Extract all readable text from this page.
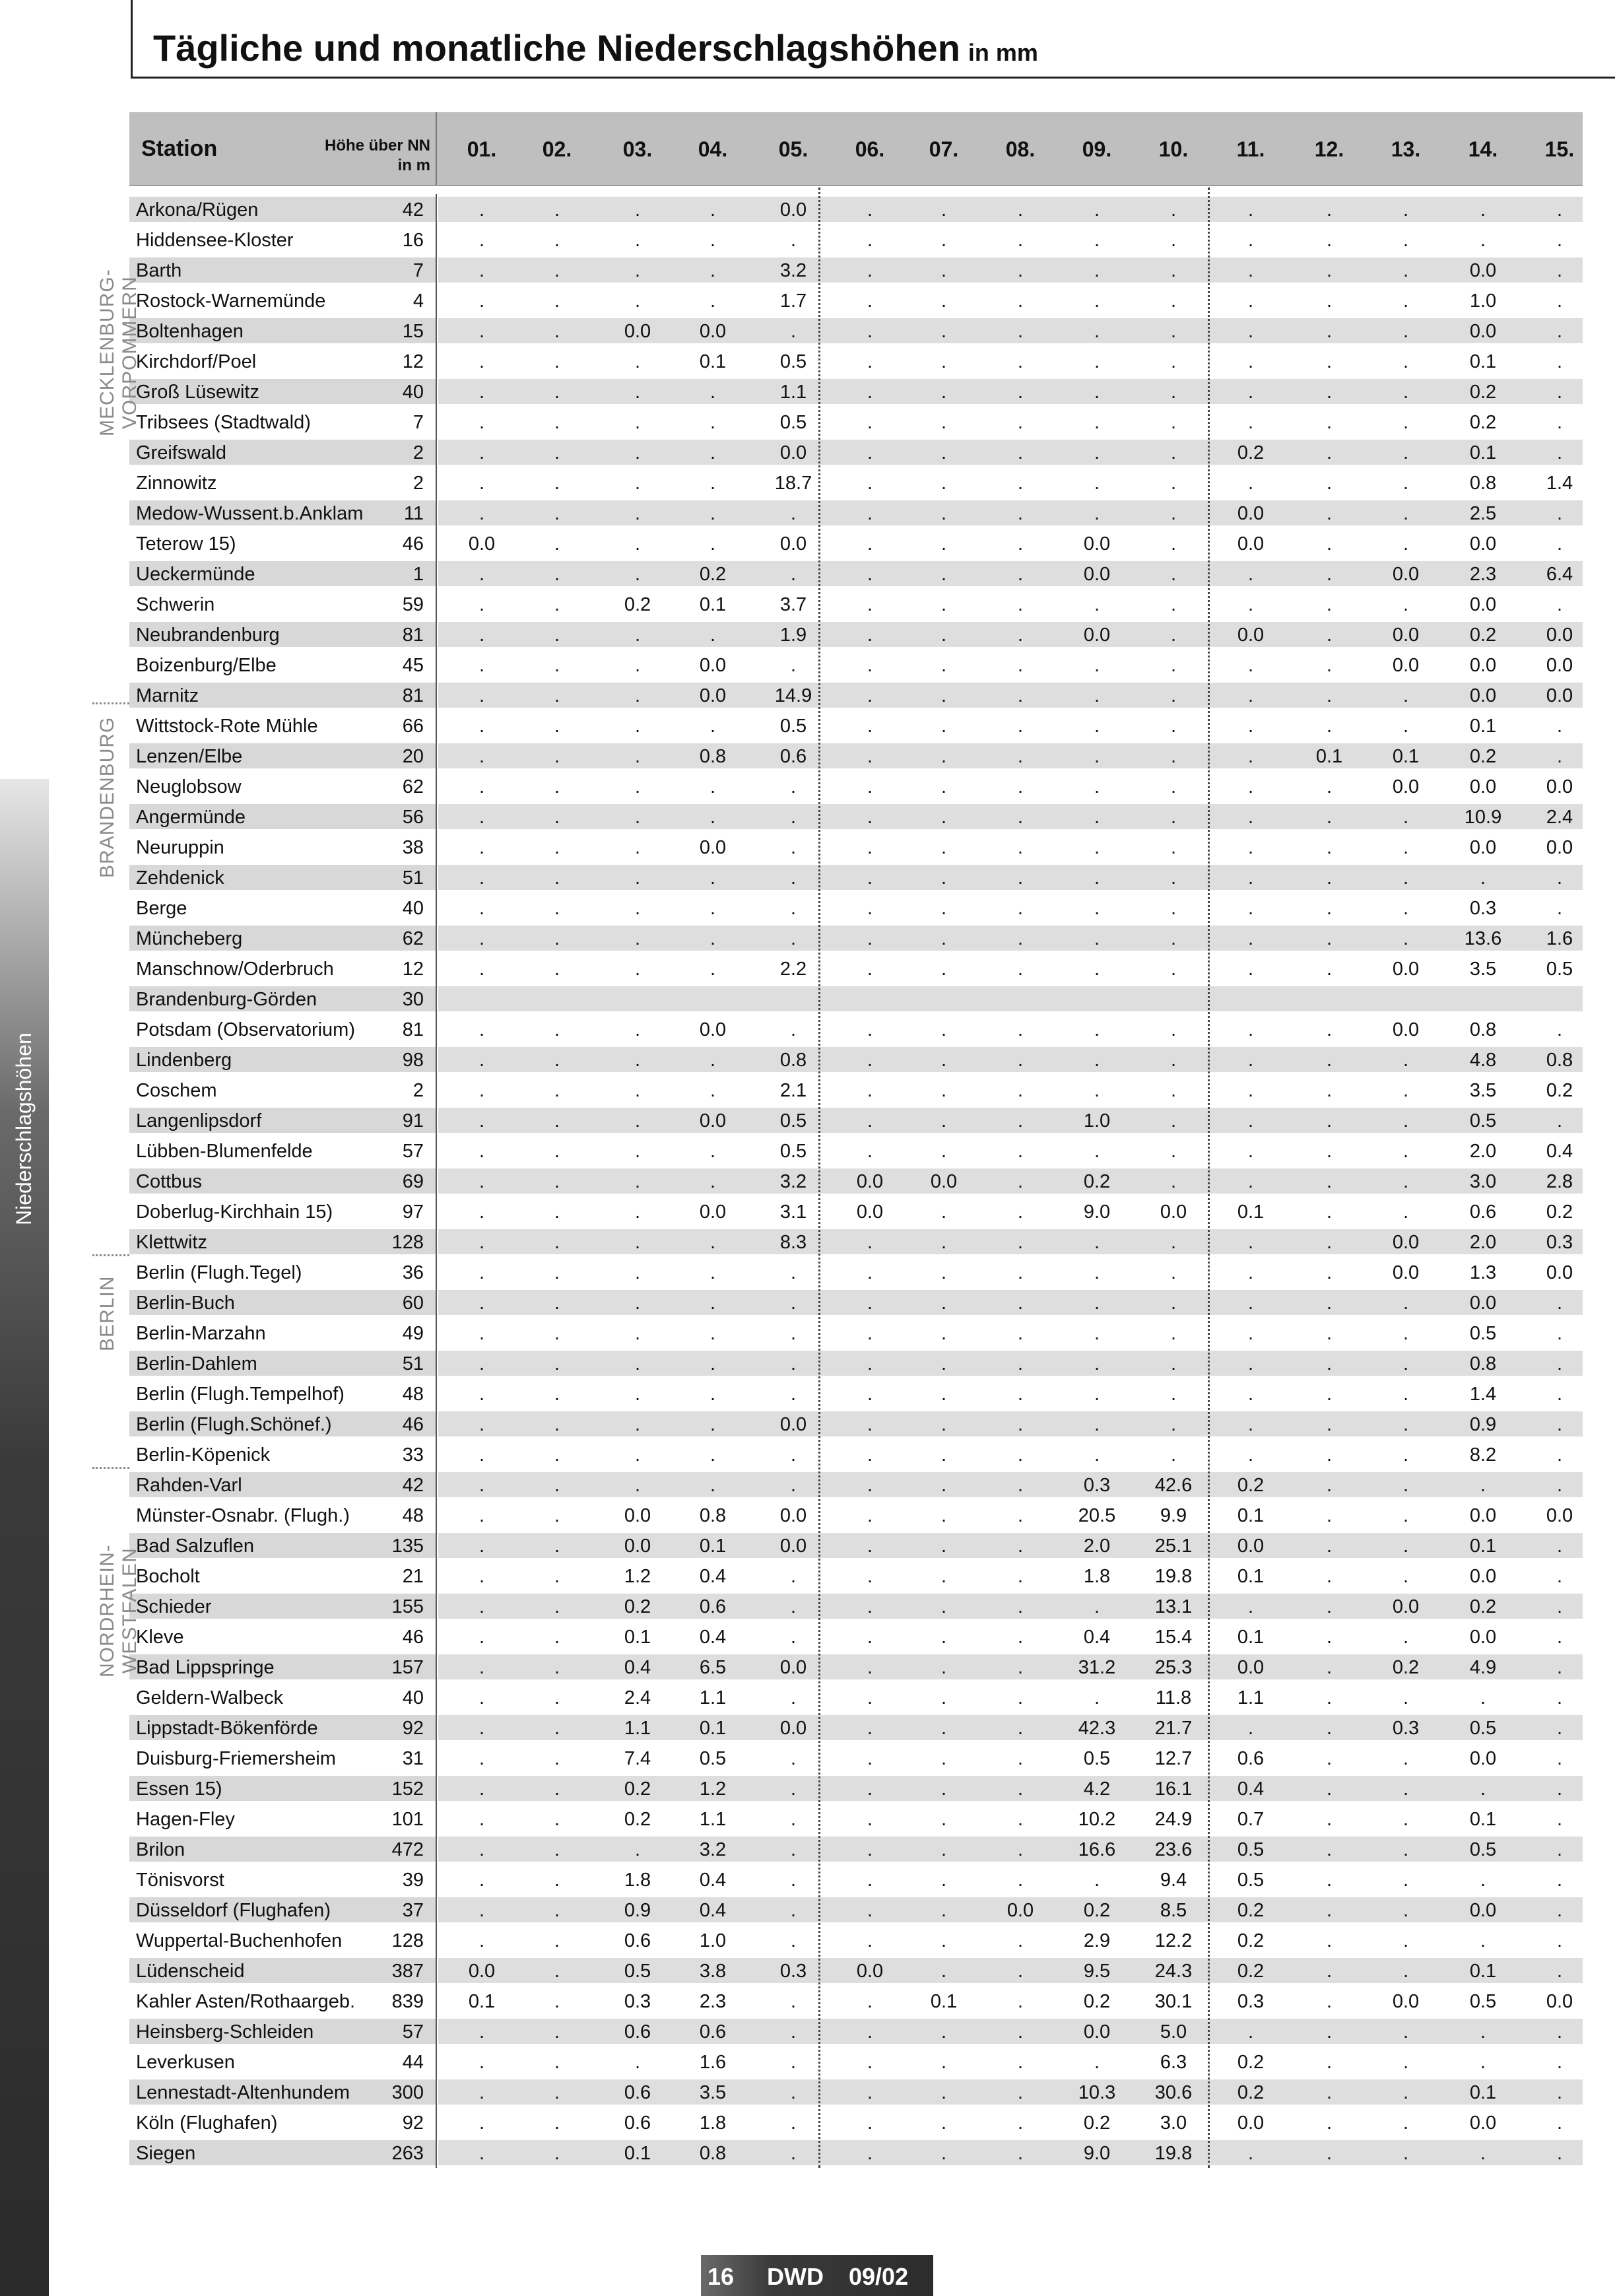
Niederschlagshöhen
Tägliche und monatliche Niederschlagshöhen in mm
Station	Höhe über NN
in m
01.	02.	03.	04.	05.	06.	07.	08.	09.	10.	11.	12.	13.	14.	15.
Arkona/Rügen	42	.	.	.	.	0.0	.	.	.	.	.	.	.	.	.	.
Hiddensee-Kloster	16	.	.	.	.	.	.	.	.	.	.	.	.	.	.	.
Barth	7	.	.	.	.	3.2	.	.	.	.	.	.	.	.	0.0	.
Rostock-Warnemünde	4	.	.	.	.	1.7	.	.	.	.	.	.	.	.	1.0	.
Boltenhagen	15	.	.	0.0	0.0	.	.	.	.	.	.	.	.	.	0.0	.
Kirchdorf/Poel	12	.	.	.	0.1	0.5	.	.	.	.	.	.	.	.	0.1	.
Groß Lüsewitz	40	.	.	.	.	1.1	.	.	.	.	.	.	.	.	0.2	.
Tribsees (Stadtwald)	7	.	.	.	.	0.5	.	.	.	.	.	.	.	.	0.2	.
Greifswald	2	.	.	.	.	0.0	.	.	.	.	.	0.2	.	.	0.1	.
Zinnowitz	2	.	.	.	.	18.7	.	.	.	.	.	.	.	.	0.8	1.4
Medow-Wussent.b.Anklam	11	.	.	.	.	.	.	.	.	.	.	0.0	.	.	2.5	.
Teterow 15)	46	0.0	.	.	.	0.0	.	.	.	0.0	.	0.0	.	.	0.0	.
Ueckermünde	1	.	.	.	0.2	.	.	.	.	0.0	.	.	.	0.0	2.3	6.4
Schwerin	59	.	.	0.2	0.1	3.7	.	.	.	.	.	.	.	.	0.0	.
Neubrandenburg	81	.	.	.	.	1.9	.	.	.	0.0	.	0.0	.	0.0	0.2	0.0
Boizenburg/Elbe	45	.	.	.	0.0	.	.	.	.	.	.	.	.	0.0	0.0	0.0
Marnitz	81	.	.	.	0.0	14.9	.	.	.	.	.	.	.	.	0.0	0.0
Wittstock-Rote Mühle	66	.	.	.	.	0.5	.	.	.	.	.	.	.	.	0.1	.
Lenzen/Elbe	20	.	.	.	0.8	0.6	.	.	.	.	.	.	0.1	0.1	0.2	.
Neuglobsow	62	.	.	.	.	.	.	.	.	.	.	.	.	0.0	0.0	0.0
Angermünde	56	.	.	.	.	.	.	.	.	.	.	.	.	.	10.9	2.4
Neuruppin	38	.	.	.	0.0	.	.	.	.	.	.	.	.	.	0.0	0.0
Zehdenick	51	.	.	.	.	.	.	.	.	.	.	.	.	.	.	.
Berge	40	.	.	.	.	.	.	.	.	.	.	.	.	.	0.3	.
Müncheberg	62	.	.	.	.	.	.	.	.	.	.	.	.	.	13.6	1.6
Manschnow/Oderbruch	12	.	.	.	.	2.2	.	.	.	.	.	.	.	0.0	3.5	0.5
Brandenburg-Görden	30
Potsdam (Observatorium)	81	.	.	.	0.0	.	.	.	.	.	.	.	.	0.0	0.8	.
Lindenberg	98	.	.	.	.	0.8	.	.	.	.	.	.	.	.	4.8	0.8
Coschem	2	.	.	.	.	2.1	.	.	.	.	.	.	.	.	3.5	0.2
Langenlipsdorf	91	.	.	.	0.0	0.5	.	.	.	1.0	.	.	.	.	0.5	.
Lübben-Blumenfelde	57	.	.	.	.	0.5	.	.	.	.	.	.	.	.	2.0	0.4
Cottbus	69	.	.	.	.	3.2	0.0	0.0	.	0.2	.	.	.	.	3.0	2.8
Doberlug-Kirchhain 15)	97	.	.	.	0.0	3.1	0.0	.	.	9.0	0.0	0.1	.	.	0.6	0.2
Klettwitz	128	.	.	.	.	8.3	.	.	.	.	.	.	.	0.0	2.0	0.3
Berlin (Flugh.Tegel)	36	.	.	.	.	.	.	.	.	.	.	.	.	0.0	1.3	0.0
Berlin-Buch	60	.	.	.	.	.	.	.	.	.	.	.	.	.	0.0	.
Berlin-Marzahn	49	.	.	.	.	.	.	.	.	.	.	.	.	.	0.5	.
Berlin-Dahlem	51	.	.	.	.	.	.	.	.	.	.	.	.	.	0.8	.
Berlin (Flugh.Tempelhof)	48	.	.	.	.	.	.	.	.	.	.	.	.	.	1.4	.
Berlin (Flugh.Schönef.)	46	.	.	.	.	0.0	.	.	.	.	.	.	.	.	0.9	.
Berlin-Köpenick	33	.	.	.	.	.	.	.	.	.	.	.	.	.	8.2	.
Rahden-Varl	42	.	.	.	.	.	.	.	.	0.3	42.6	0.2	.	.	.	.
Münster-Osnabr. (Flugh.)	48	.	.	0.0	0.8	0.0	.	.	.	20.5	9.9	0.1	.	.	0.0	0.0
Bad Salzuflen	135	.	.	0.0	0.1	0.0	.	.	.	2.0	25.1	0.0	.	.	0.1	.
Bocholt	21	.	.	1.2	0.4	.	.	.	.	1.8	19.8	0.1	.	.	0.0	.
Schieder	155	.	.	0.2	0.6	.	.	.	.	.	13.1	.	.	0.0	0.2	.
Kleve	46	.	.	0.1	0.4	.	.	.	.	0.4	15.4	0.1	.	.	0.0	.
Bad Lippspringe	157	.	.	0.4	6.5	0.0	.	.	.	31.2	25.3	0.0	.	0.2	4.9	.
Geldern-Walbeck	40	.	.	2.4	1.1	.	.	.	.	.	11.8	1.1	.	.	.	.
Lippstadt-Bökenförde	92	.	.	1.1	0.1	0.0	.	.	.	42.3	21.7	.	.	0.3	0.5	.
Duisburg-Friemersheim	31	.	.	7.4	0.5	.	.	.	.	0.5	12.7	0.6	.	.	0.0	.
Essen 15)	152	.	.	0.2	1.2	.	.	.	.	4.2	16.1	0.4	.	.	.	.
Hagen-Fley	101	.	.	0.2	1.1	.	.	.	.	10.2	24.9	0.7	.	.	0.1	.
Brilon	472	.	.	.	3.2	.	.	.	.	16.6	23.6	0.5	.	.	0.5	.
Tönisvorst	39	.	.	1.8	0.4	.	.	.	.	.	9.4	0.5	.	.	.	.
Düsseldorf (Flughafen)	37	.	.	0.9	0.4	.	.	.	0.0	0.2	8.5	0.2	.	.	0.0	.
Wuppertal-Buchenhofen	128	.	.	0.6	1.0	.	.	.	.	2.9	12.2	0.2	.	.	.	.
Lüdenscheid	387	0.0	.	0.5	3.8	0.3	0.0	.	.	9.5	24.3	0.2	.	.	0.1	.
Kahler Asten/Rothaargeb.	839	0.1	.	0.3	2.3	.	.	0.1	.	0.2	30.1	0.3	.	0.0	0.5	0.0
Heinsberg-Schleiden	57	.	.	0.6	0.6	.	.	.	.	0.0	5.0	.	.	.	.	.
Leverkusen	44	.	.	.	1.6	.	.	.	.	.	6.3	0.2	.	.	.	.
Lennestadt-Altenhundem	300	.	.	0.6	3.5	.	.	.	.	10.3	30.6	0.2	.	.	0.1	.
Köln (Flughafen)	92	.	.	0.6	1.8	.	.	.	.	0.2	3.0	0.0	.	.	0.0	.
Siegen	263	.	.	0.1	0.8	.	.	.	.	9.0	19.8	.	.	.	.	.
MECKLENBURG-VORPOMMERN
BRANDENBURG
BERLIN
NORDRHEIN-WESTFALEN
16 DWD 09/02
